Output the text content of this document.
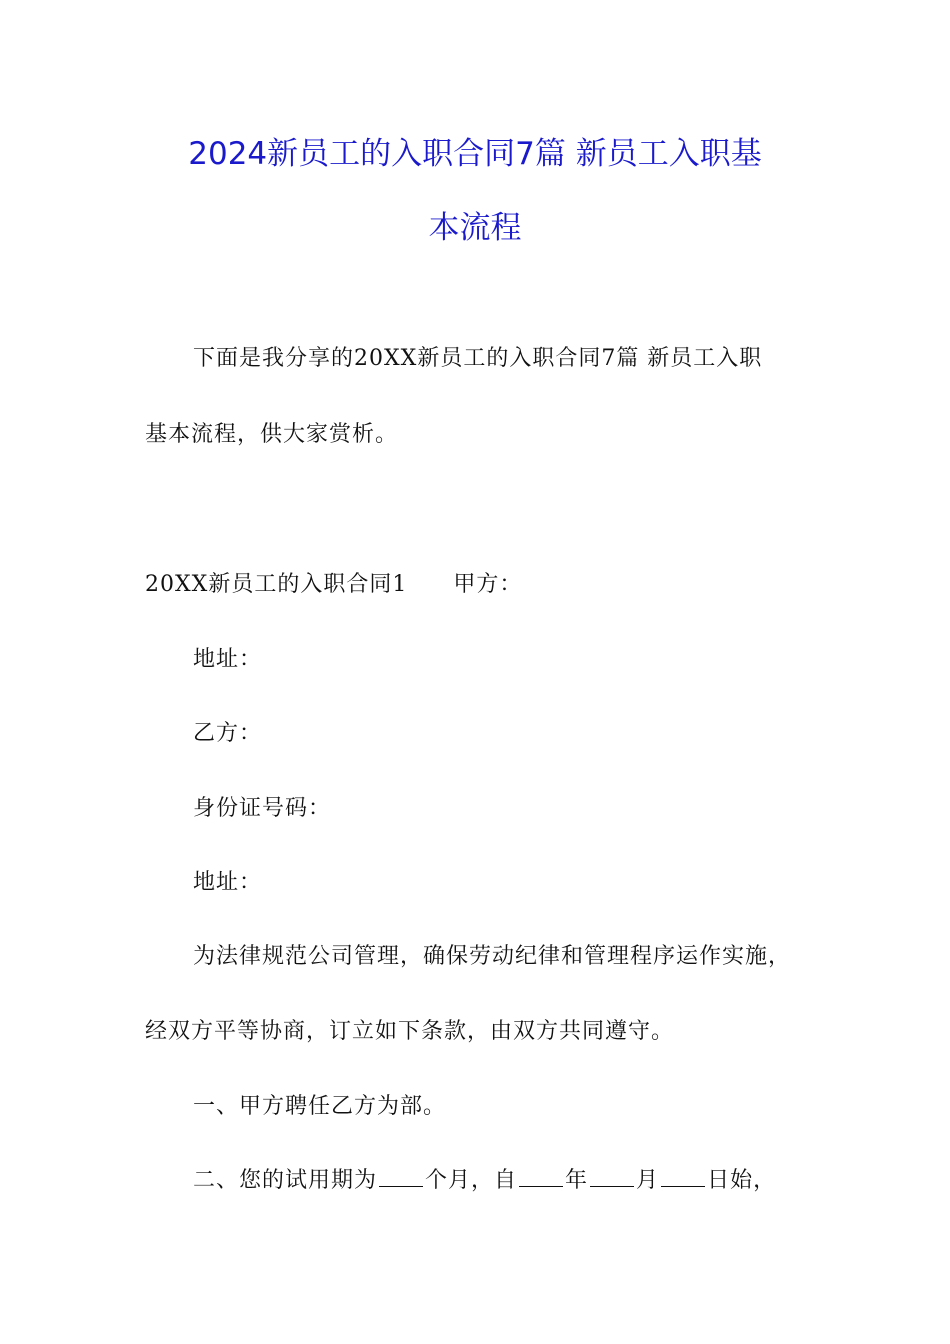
2024新员工的入职合同7篇 新员工入职基
本流程
下面是我分享的20XX新员工的入职合同7篇 新员工入职
基本流程，供大家赏析。
20XX新员工的入职合同1 甲方：
地址：
乙方：
身份证号码：
地址：
为法律规范公司管理，确保劳动纪律和管理程序运作实施，
经双方平等协商，订立如下条款，由双方共同遵守。
一、甲方聘任乙方为部。
二、您的试用期为 个月，自 年 月 日始，
